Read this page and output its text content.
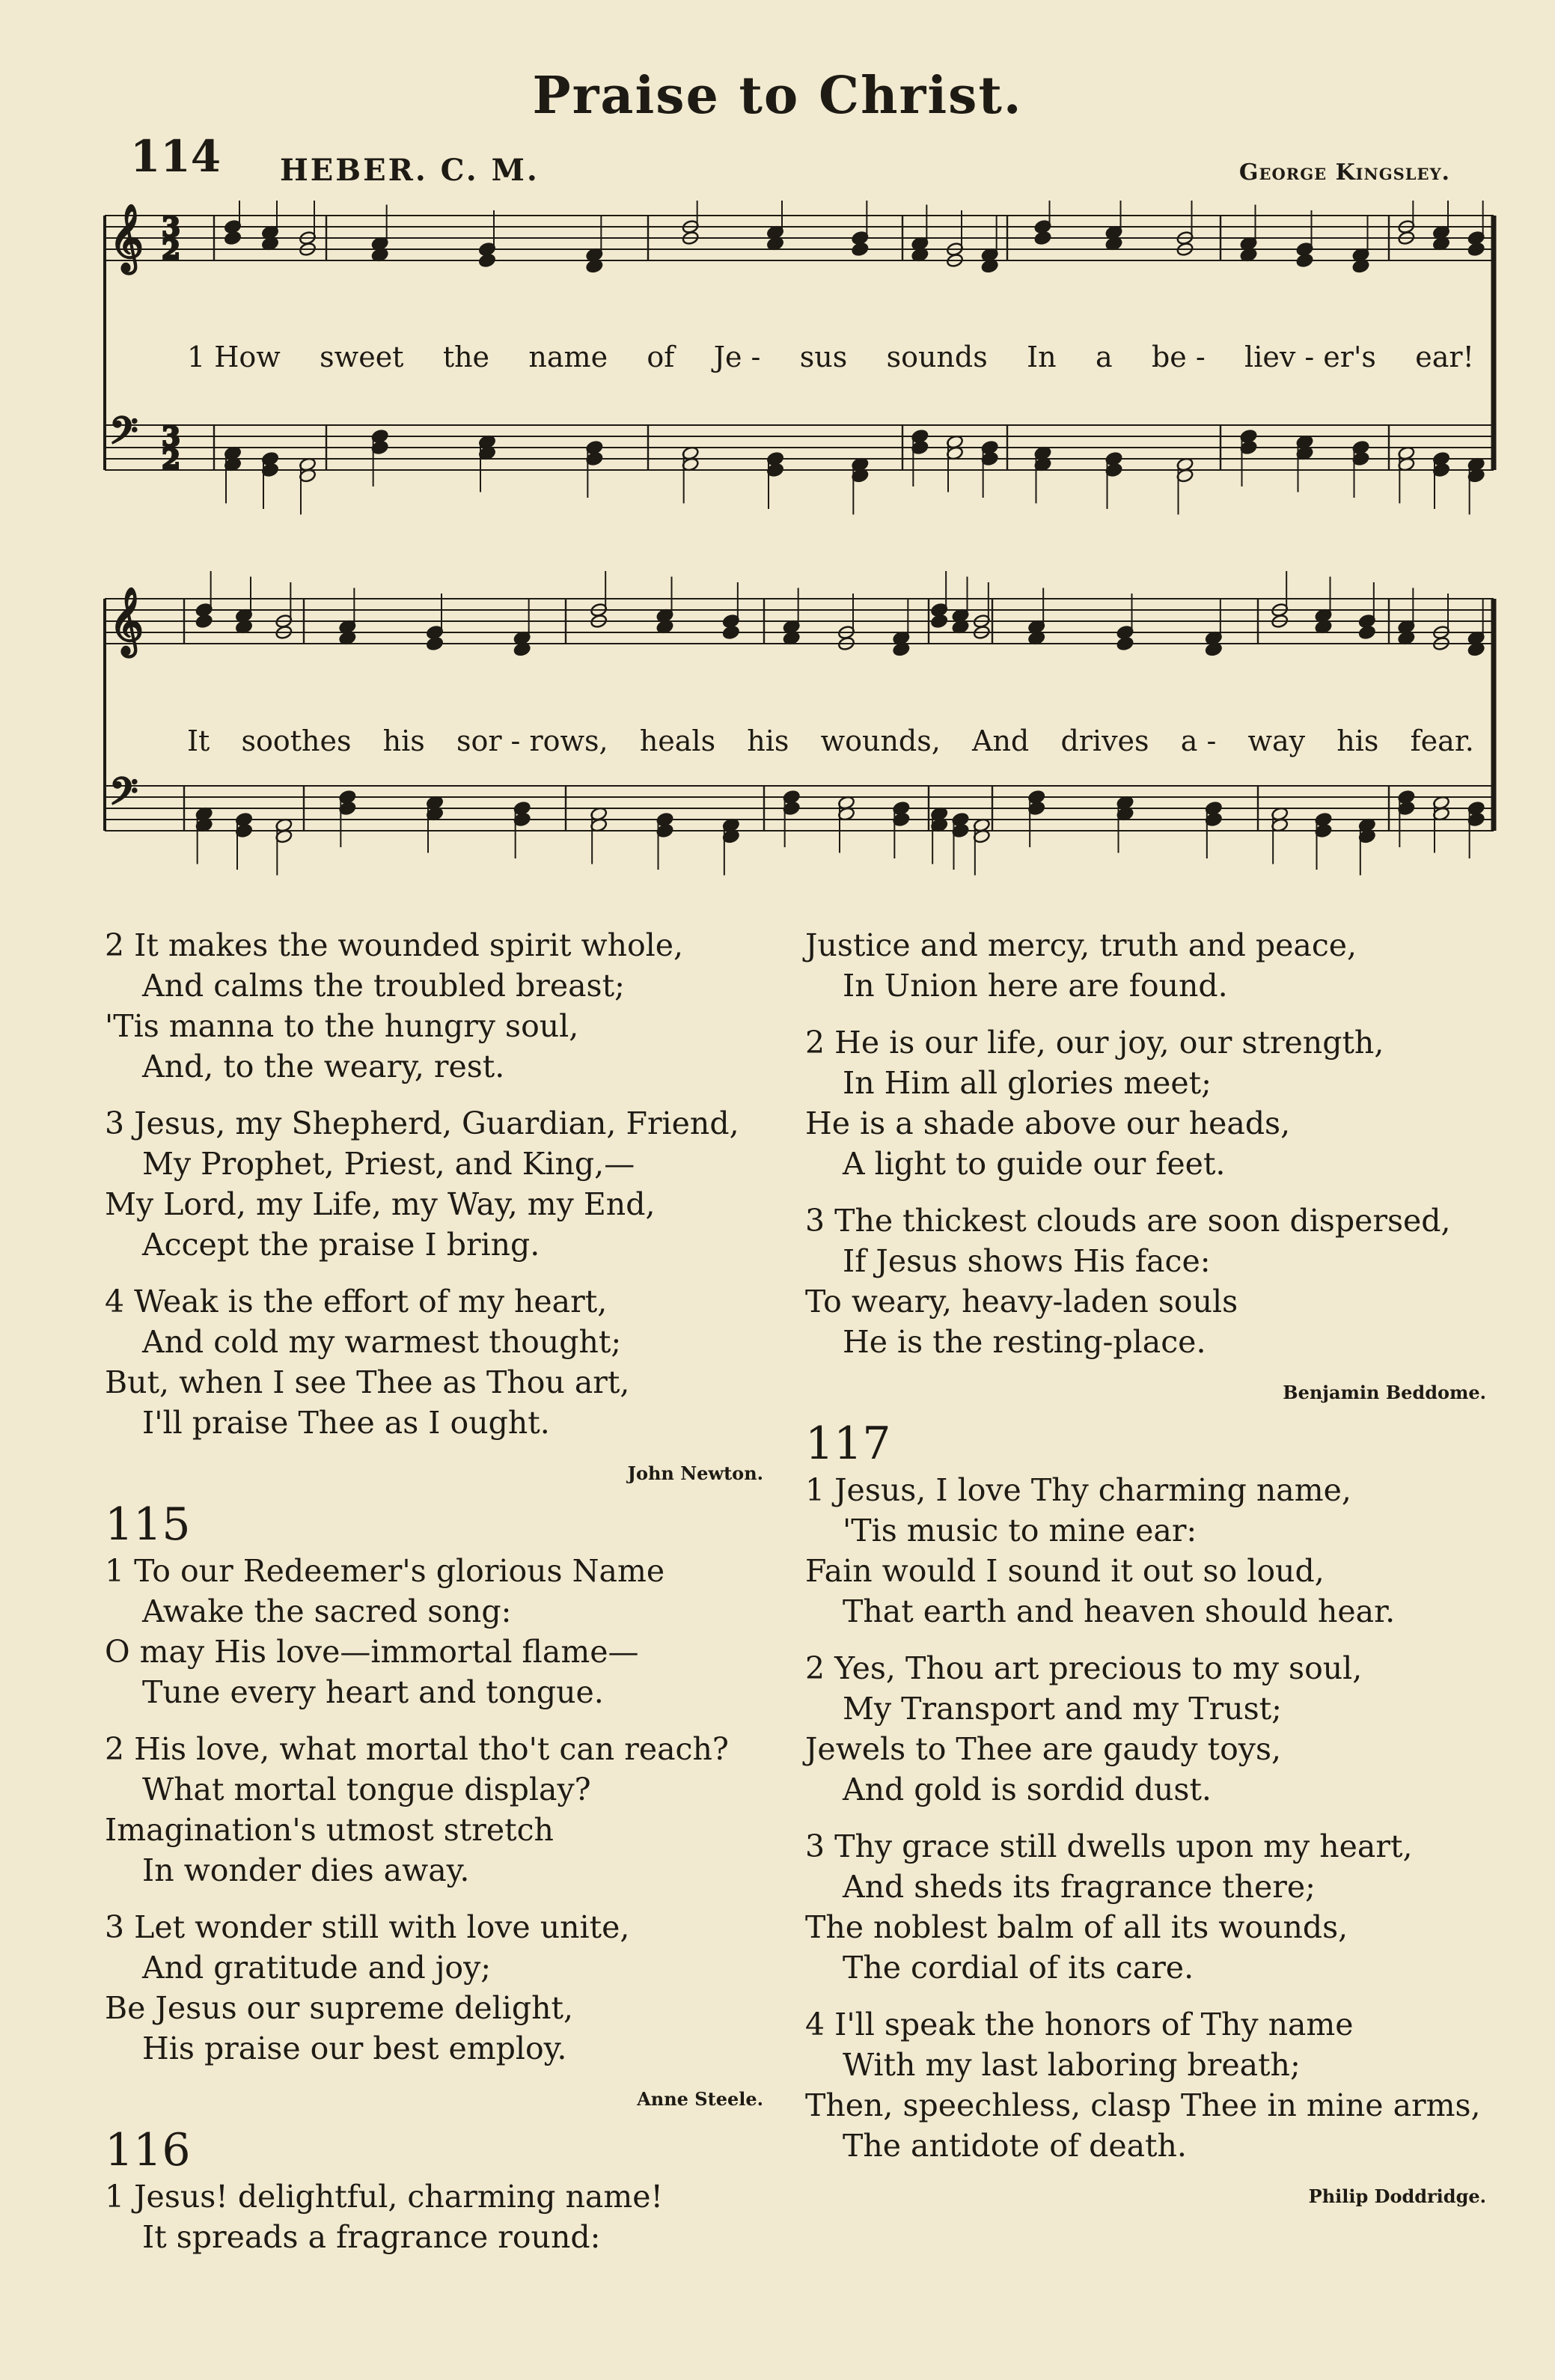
Praise to Christ.
114 HEBER. C. M.	George Kingsley.
𝄞
𝄢
3
2
3
2
1 How sweet the name of Je - sus sounds In a be - liev - er's ear!
𝄞
𝄢
It soothes his sor - rows, heals his wounds, And drives a - way his fear.
2 It makes the wounded spirit whole,
And calms the troubled breast;
'Tis manna to the hungry soul,
And, to the weary, rest.
3 Jesus, my Shepherd, Guardian, Friend,
My Prophet, Priest, and King,—
My Lord, my Life, my Way, my End,
Accept the praise I bring.
4 Weak is the effort of my heart,
And cold my warmest thought;
But, when I see Thee as Thou art,
I'll praise Thee as I ought.
John Newton.
115
1 To our Redeemer's glorious Name
Awake the sacred song:
O may His love—immortal flame—
Tune every heart and tongue.
2 His love, what mortal tho't can reach?
What mortal tongue display?
Imagination's utmost stretch
In wonder dies away.
3 Let wonder still with love unite,
And gratitude and joy;
Be Jesus our supreme delight,
His praise our best employ.
Anne Steele.
116
1 Jesus! delightful, charming name!
It spreads a fragrance round:
Justice and mercy, truth and peace,
In Union here are found.
2 He is our life, our joy, our strength,
In Him all glories meet;
He is a shade above our heads,
A light to guide our feet.
3 The thickest clouds are soon dispersed,
If Jesus shows His face:
To weary, heavy-laden souls
He is the resting-place.
Benjamin Beddome.
117
1 Jesus, I love Thy charming name,
'Tis music to mine ear:
Fain would I sound it out so loud,
That earth and heaven should hear.
2 Yes, Thou art precious to my soul,
My Transport and my Trust;
Jewels to Thee are gaudy toys,
And gold is sordid dust.
3 Thy grace still dwells upon my heart,
And sheds its fragrance there;
The noblest balm of all its wounds,
The cordial of its care.
4 I'll speak the honors of Thy name
With my last laboring breath;
Then, speechless, clasp Thee in mine arms,
The antidote of death.
Philip Doddridge.
